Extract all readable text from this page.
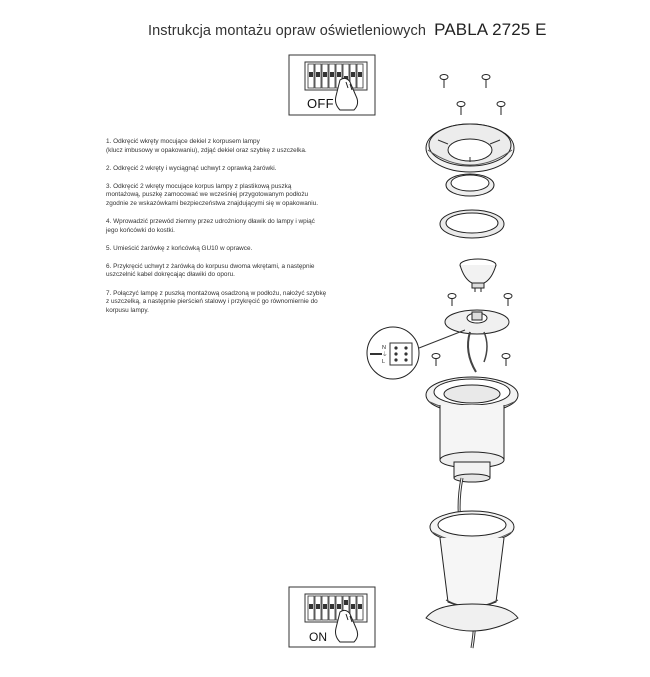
Instrukcja montażu opraw oświetleniowych PABLA 2725 E
1. Odkręcić wkręty mocujące dekiel z korpusem lampy
(klucz imbusowy w opakowaniu), zdjąć dekiel oraz szybkę z uszczelka.
2. Odkręcić 2 wkręty i wyciągnąć uchwyt z oprawką żarówki.
3. Odkręcić 2 wkręty mocujące korpus lampy z plastikową puszką
montażową, puszkę zamocować we wcześniej przygotowanym podłożu
zgodnie ze wskazówkami bezpieczeństwa znajdującymi się w opakowaniu.
4. Wprowadzić przewód ziemny przez udrożniony dławik do lampy i wpiąć
jego końcówki do kostki.
5. Umieścić żarówkę z końcówką GU10 w oprawce.
6. Przykręcić uchwyt z żarówką do korpusu dwoma wkrętami, a następnie
uszczelnić kabel dokręcając dławiki do oporu.
7. Połączyć lampę z puszką montażową osadzoną w podłożu, nałożyć szybkę
z uszczelką, a następnie pierścień stalowy i przykręcić go równomiernie do
korpusu lampy.
OFF
N
⏚
L
ON
